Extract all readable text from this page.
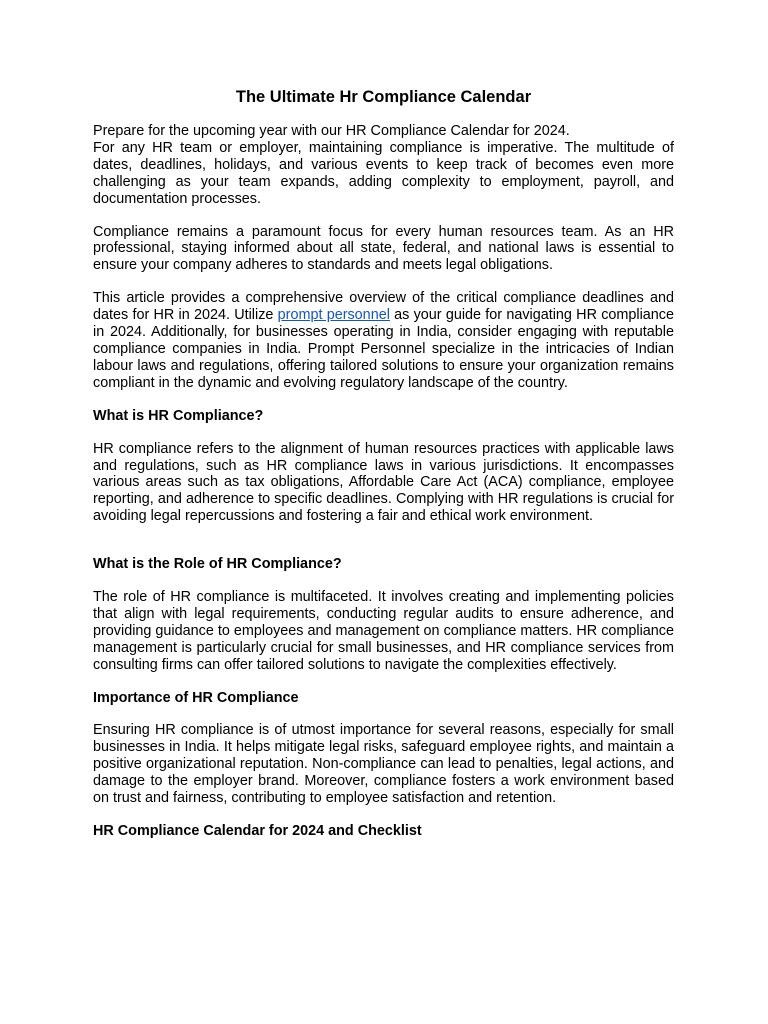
The Ultimate Hr Compliance Calendar

Prepare for the upcoming year with our HR Compliance Calendar for 2024.
For any HR team or employer, maintaining compliance is imperative. The multitude of dates, deadlines, holidays, and various events to keep track of becomes even more challenging as your team expands, adding complexity to employment, payroll, and documentation processes.

Compliance remains a paramount focus for every human resources team. As an HR professional, staying informed about all state, federal, and national laws is essential to ensure your company adheres to standards and meets legal obligations.

This article provides a comprehensive overview of the critical compliance deadlines and dates for HR in 2024. Utilize prompt personnel as your guide for navigating HR compliance in 2024. Additionally, for businesses operating in India, consider engaging with reputable compliance companies in India. Prompt Personnel specialize in the intricacies of Indian labour laws and regulations, offering tailored solutions to ensure your organization remains compliant in the dynamic and evolving regulatory landscape of the country.

What is HR Compliance?

HR compliance refers to the alignment of human resources practices with applicable laws and regulations, such as HR compliance laws in various jurisdictions. It encompasses various areas such as tax obligations, Affordable Care Act (ACA) compliance, employee reporting, and adherence to specific deadlines. Complying with HR regulations is crucial for avoiding legal repercussions and fostering a fair and ethical work environment.

What is the Role of HR Compliance?

The role of HR compliance is multifaceted. It involves creating and implementing policies that align with legal requirements, conducting regular audits to ensure adherence, and providing guidance to employees and management on compliance matters. HR compliance management is particularly crucial for small businesses, and HR compliance services from consulting firms can offer tailored solutions to navigate the complexities effectively.

Importance of HR Compliance

Ensuring HR compliance is of utmost importance for several reasons, especially for small businesses in India. It helps mitigate legal risks, safeguard employee rights, and maintain a positive organizational reputation. Non-compliance can lead to penalties, legal actions, and damage to the employer brand. Moreover, compliance fosters a work environment based on trust and fairness, contributing to employee satisfaction and retention.

HR Compliance Calendar for 2024 and Checklist
